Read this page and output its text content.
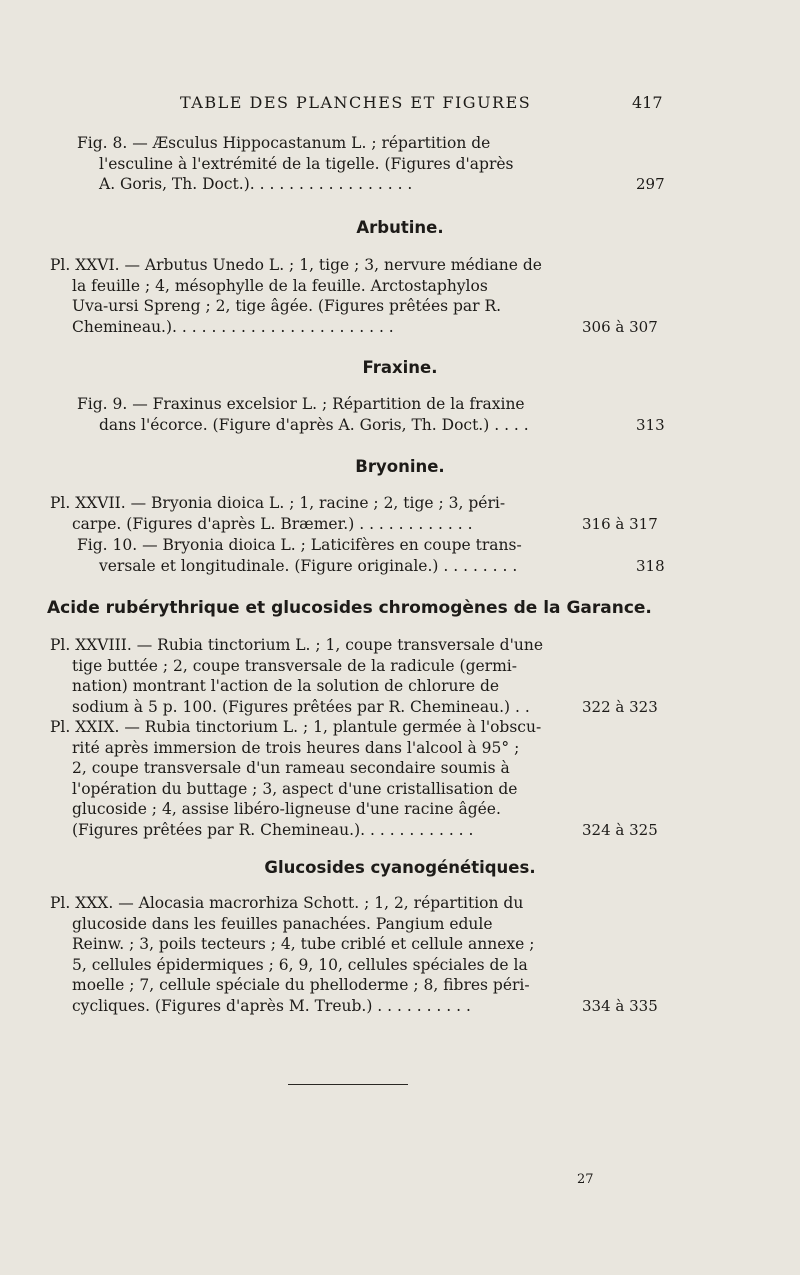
TABLE DES PLANCHES ET FIGURES	417
Fig. 8. — Æsculus Hippocastanum L. ; répartition de
l'esculine à l'extrémité de la tigelle. (Figures d'après
A. Goris, Th. Doct.). . . . . . . . . . . . . . . . .	297
Arbutine.
Pl. XXVI. — Arbutus Unedo L. ; 1, tige ; 3, nervure médiane de
la feuille ; 4, mésophylle de la feuille. Arctostaphylos
Uva-ursi Spreng ; 2, tige âgée. (Figures prêtées par R.
Chemineau.). . . . . . . . . . . . . . . . . . . . . . .	306 à 307
Fraxine.
Fig. 9. — Fraxinus excelsior L. ; Répartition de la fraxine
dans l'écorce. (Figure d'après A. Goris, Th. Doct.) . . . .	313
Bryonine.
Pl. XXVII. — Bryonia dioica L. ; 1, racine ; 2, tige ; 3, péri-
carpe. (Figures d'après L. Bræmer.) . . . . . . . . . . . .	316 à 317
Fig. 10. — Bryonia dioica L. ; Laticifères en coupe trans-
versale et longitudinale. (Figure originale.) . . . . . . . .	318
Acide rubérythrique et glucosides chromogènes de la Garance.
Pl. XXVIII. — Rubia tinctorium L. ; 1, coupe transversale d'une
tige buttée ; 2, coupe transversale de la radicule (germi-
nation) montrant l'action de la solution de chlorure de
sodium à 5 p. 100. (Figures prêtées par R. Chemineau.) . .	322 à 323
Pl. XXIX. — Rubia tinctorium L. ; 1, plantule germée à l'obscu-
rité après immersion de trois heures dans l'alcool à 95° ;
2, coupe transversale d'un rameau secondaire soumis à
l'opération du buttage ; 3, aspect d'une cristallisation de
glucoside ; 4, assise libéro-ligneuse d'une racine âgée.
(Figures prêtées par R. Chemineau.). . . . . . . . . . . .	324 à 325
Glucosides cyanogénétiques.
Pl. XXX. — Alocasia macrorhiza Schott. ; 1, 2, répartition du
glucoside dans les feuilles panachées. Pangium edule
Reinw. ; 3, poils tecteurs ; 4, tube criblé et cellule annexe ;
5, cellules épidermiques ; 6, 9, 10, cellules spéciales de la
moelle ; 7, cellule spéciale du phelloderme ; 8, fibres péri-
cycliques. (Figures d'après M. Treub.) . . . . . . . . . .	334 à 335
27
